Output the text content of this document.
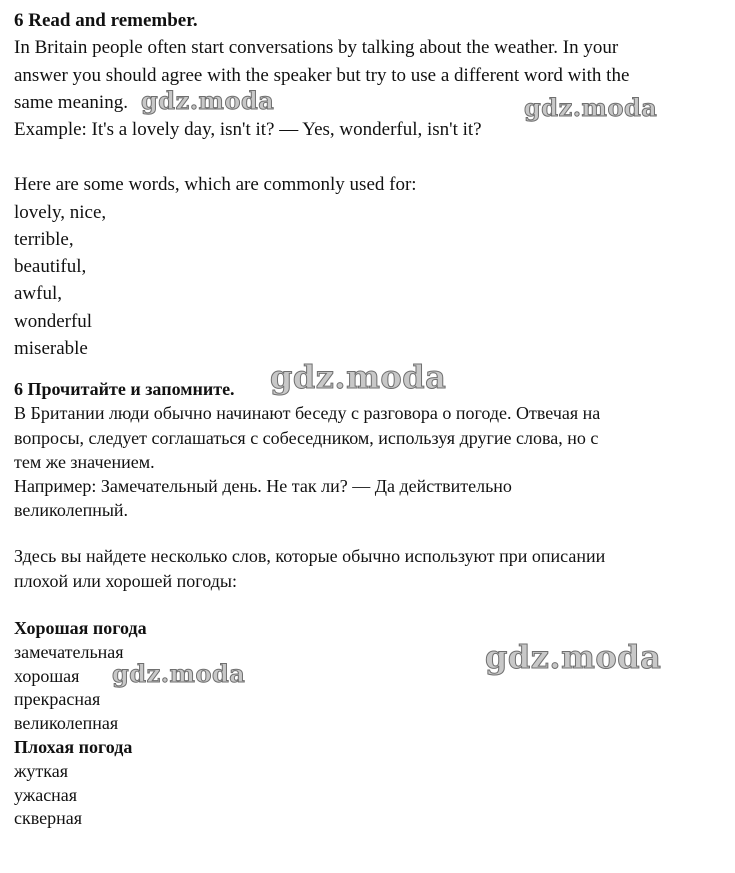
6 Read and remember.
In Britain people often start conversations by talking about the weather. In your
answer you should agree with the speaker but try to use a different word with the
same meaning.
Example: It's a lovely day, isn't it? — Yes, wonderful, isn't it?
Here are some words, which are commonly used for:
lovely, nice,
terrible,
beautiful,
awful,
wonderful
miserable
6 Прочитайте и запомните.
В Британии люди обычно начинают беседу с разговора о погоде. Отвечая на
вопросы, следует соглашаться с собеседником, используя другие слова, но с
тем же значением.
Например: Замечательный день. Не так ли? — Да действительно
великолепный.
Здесь вы найдете несколько слов, которые обычно используют при описании
плохой или хорошей погоды:
Хорошая погода
замечательная
хорошая
прекрасная
великолепная
Плохая погода
жуткая
ужасная
скверная
gdz.moda	gdz.moda
gdz.moda
gdz.moda	gdz.moda
